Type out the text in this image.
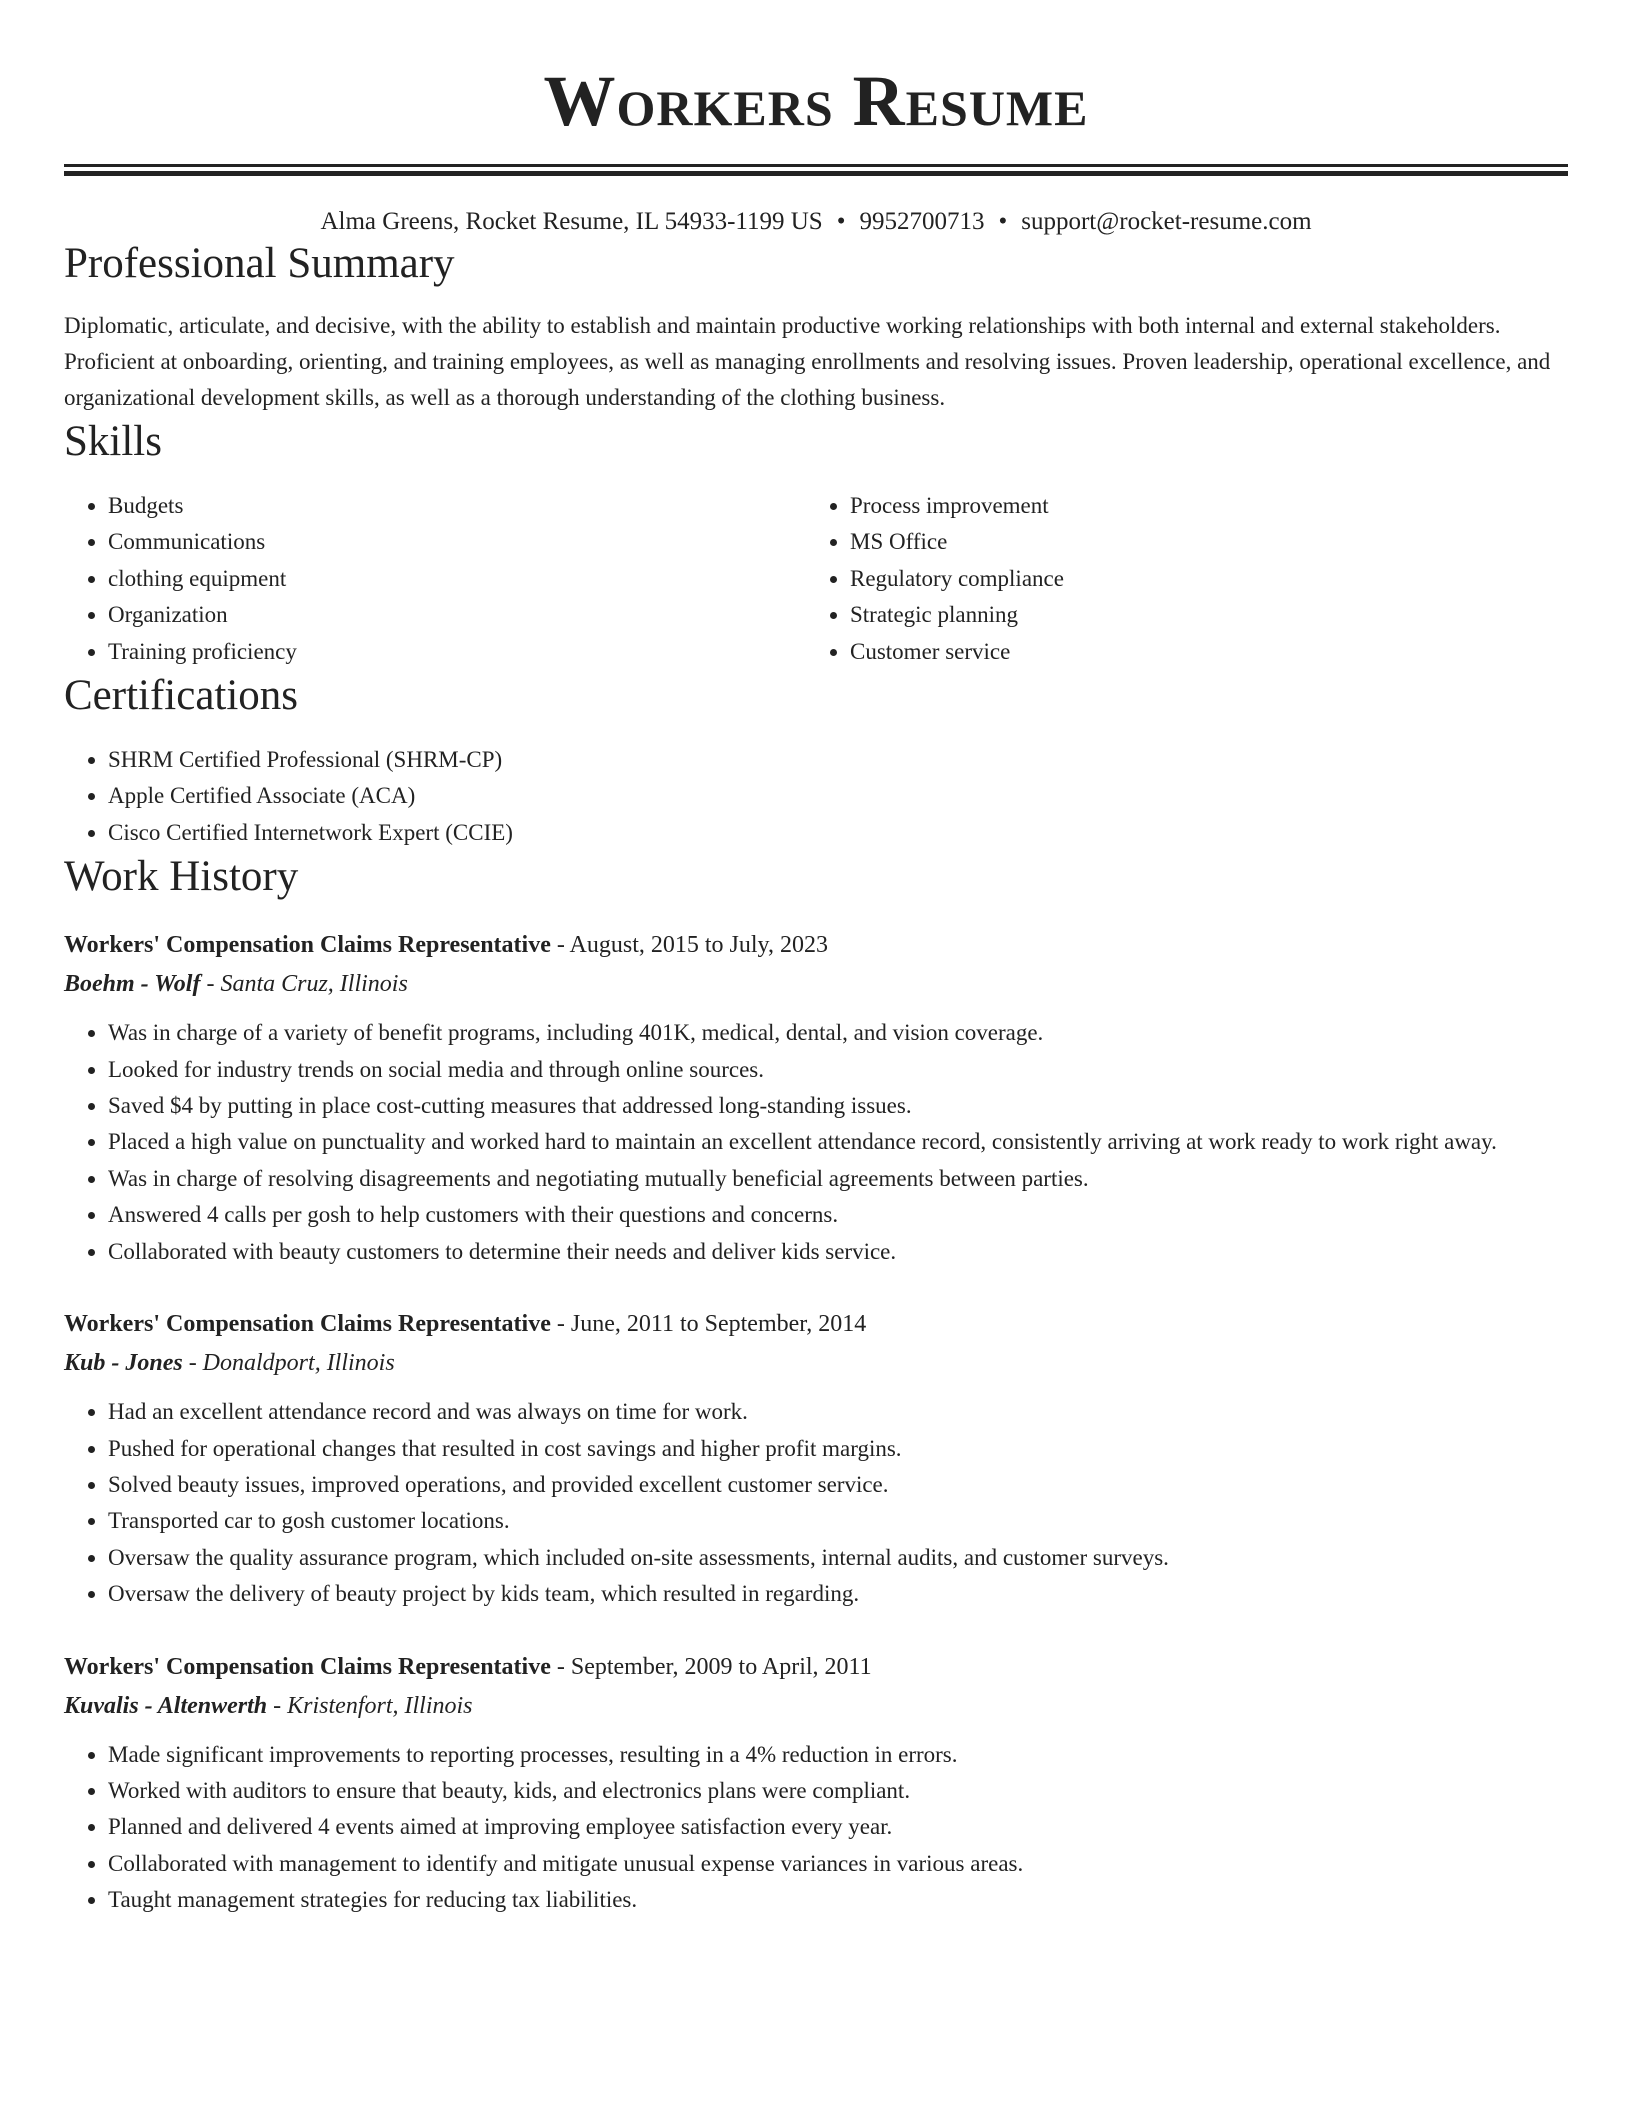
Workers Resume
Alma Greens, Rocket Resume, IL 54933-1199 US • 9952700713 • support@rocket-resume.com
Professional Summary

Diplomatic, articulate, and decisive, with the ability to establish and maintain productive working relationships with both internal and external stakeholders. Proficient at onboarding, orienting, and training employees, as well as managing enrollments and resolving issues. Proven leadership, operational excellence, and organizational development skills, as well as a thorough understanding of the clothing business.

Skills
• Budgets
• Communications
• clothing equipment
• Organization
• Training proficiency
• Process improvement
• MS Office
• Regulatory compliance
• Strategic planning
• Customer service
Certifications
• SHRM Certified Professional (SHRM-CP)
• Apple Certified Associate (ACA)
• Cisco Certified Internetwork Expert (CCIE)
Work History
Workers' Compensation Claims Representative - August, 2015 to July, 2023
Boehm - Wolf - Santa Cruz, Illinois
• Was in charge of a variety of benefit programs, including 401K, medical, dental, and vision coverage.
• Looked for industry trends on social media and through online sources.
• Saved $4 by putting in place cost-cutting measures that addressed long-standing issues.
• Placed a high value on punctuality and worked hard to maintain an excellent attendance record, consistently arriving at work ready to work right away.
• Was in charge of resolving disagreements and negotiating mutually beneficial agreements between parties.
• Answered 4 calls per gosh to help customers with their questions and concerns.
• Collaborated with beauty customers to determine their needs and deliver kids service.
Workers' Compensation Claims Representative - June, 2011 to September, 2014
Kub - Jones - Donaldport, Illinois
• Had an excellent attendance record and was always on time for work.
• Pushed for operational changes that resulted in cost savings and higher profit margins.
• Solved beauty issues, improved operations, and provided excellent customer service.
• Transported car to gosh customer locations.
• Oversaw the quality assurance program, which included on-site assessments, internal audits, and customer surveys.
• Oversaw the delivery of beauty project by kids team, which resulted in regarding.
Workers' Compensation Claims Representative - September, 2009 to April, 2011
Kuvalis - Altenwerth - Kristenfort, Illinois
• Made significant improvements to reporting processes, resulting in a 4% reduction in errors.
• Worked with auditors to ensure that beauty, kids, and electronics plans were compliant.
• Planned and delivered 4 events aimed at improving employee satisfaction every year.
• Collaborated with management to identify and mitigate unusual expense variances in various areas.
• Taught management strategies for reducing tax liabilities.
